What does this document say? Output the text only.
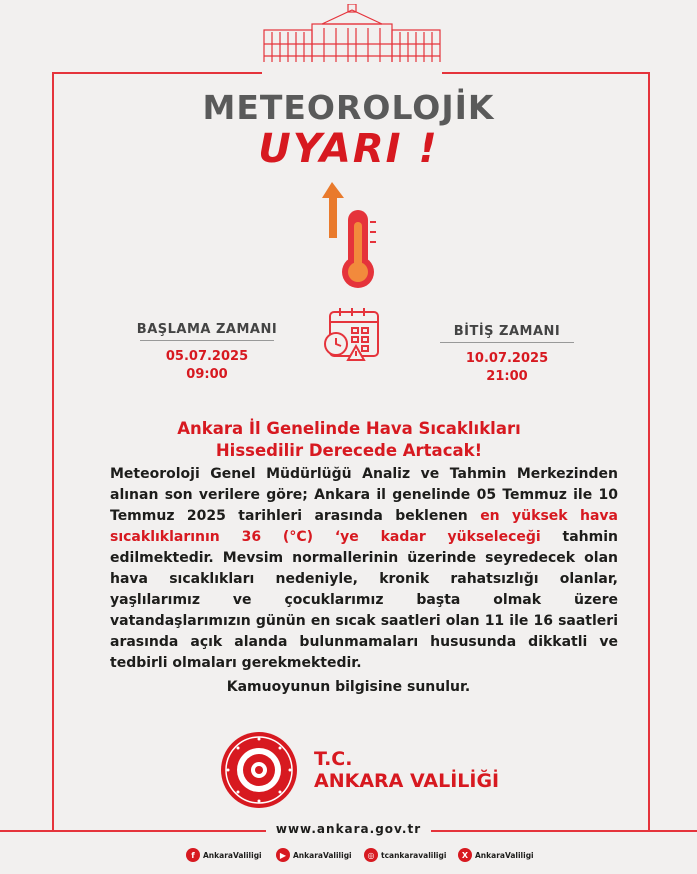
METEOROLOJİK
UYARI !
BAŞLAMA ZAMANI
05.07.2025
09:00
BİTİŞ ZAMANI
10.07.2025
21:00
Ankara İl Genelinde Hava Sıcaklıkları
Hissedilir Derecede Artacak!
Meteoroloji Genel Müdürlüğü Analiz ve Tahmin Merkezinden alınan son verilere göre; Ankara il genelinde 05 Temmuz ile 10 Temmuz 2025 tarihleri arasında beklenen en yüksek hava sıcaklıklarının 36 (°C) ‘ye kadar yükseleceği tahmin edilmektedir. Mevsim normallerinin üzerinde seyredecek olan hava sıcaklıkları nedeniyle, kronik rahatsızlığı olanlar, yaşlılarımız ve çocuklarımız başta olmak üzere vatandaşlarımızın günün en sıcak saatleri olan 11 ile 16 saatleri arasında açık alanda bulunmamaları hususunda dikkatli ve tedbirli olmaları gerekmektedir.
Kamuoyunun bilgisine sunulur.
T.C.
ANKARA VALİLİĞİ
www.ankara.gov.tr
f	AnkaraValiligi	▶ AnkaraValiligi	◎ tcankaravaliligi	X AnkaraValiligi
